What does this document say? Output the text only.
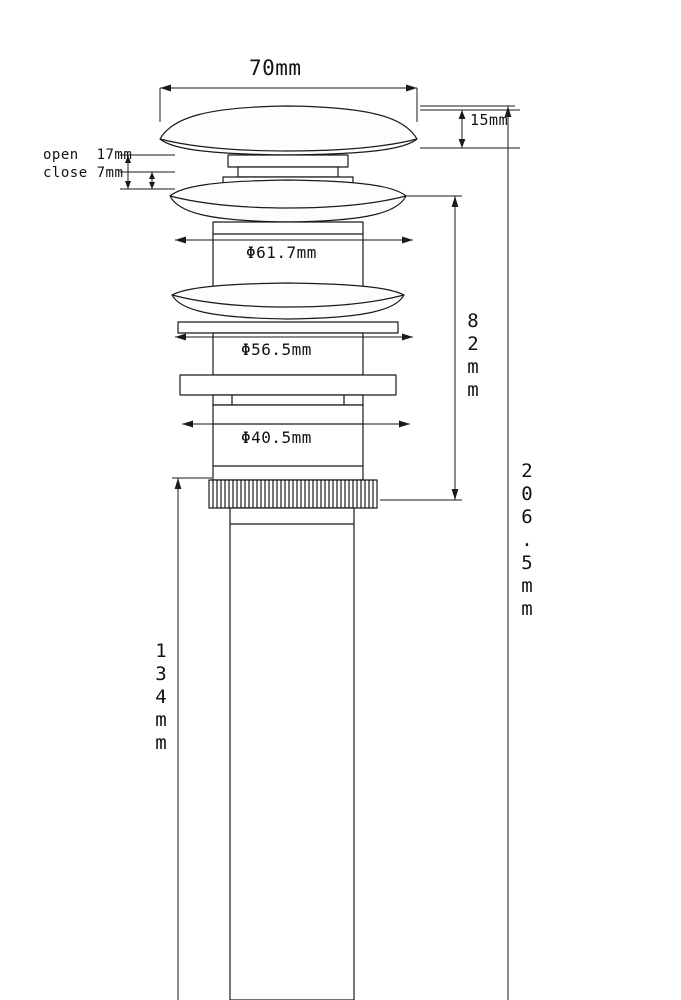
70mm
15mm
open 17mm
close 7mm
Φ61.7mm
Φ56.5mm
Φ40.5mm
82mm
206.5mm
134mm
